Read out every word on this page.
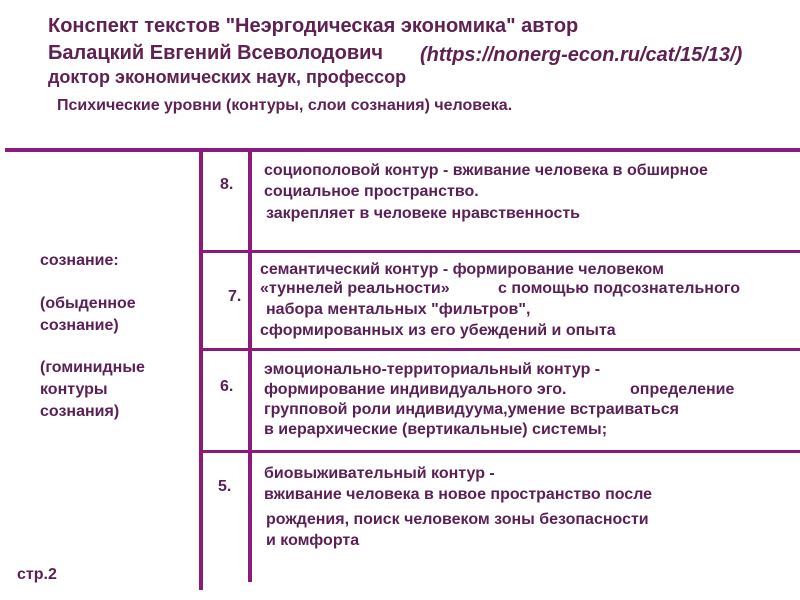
Конспект текстов "Неэргодическая экономика" автор
Балацкий Евгений Всеволодович (https://nonerg-econ.ru/cat/15/13/)
доктор экономических наук, профессор
Психические уровни (контуры, слои сознания) человека.
сознание:
(обыденное
сознание)
(гоминидные
контуры
сознания)
8.
социополовой контур - вживание человека в обширное
социальное пространство.
закрепляет в человеке нравственность
7.
семантический контур - формирование человеком
«туннелей реальности»	с помощью подсознательного
набора ментальных "фильтров",
сформированных из его убеждений и опыта
6.
эмоционально-территориальный контур -
формирование индивидуального эго.	определение
групповой роли индивидуума,умение встраиваться
в иерархические (вертикальные) системы;
5.
биовыживательный контур -
вживание человека в новое пространство после
рождения, поиск человеком зоны безопасности
и комфорта
стр.2
